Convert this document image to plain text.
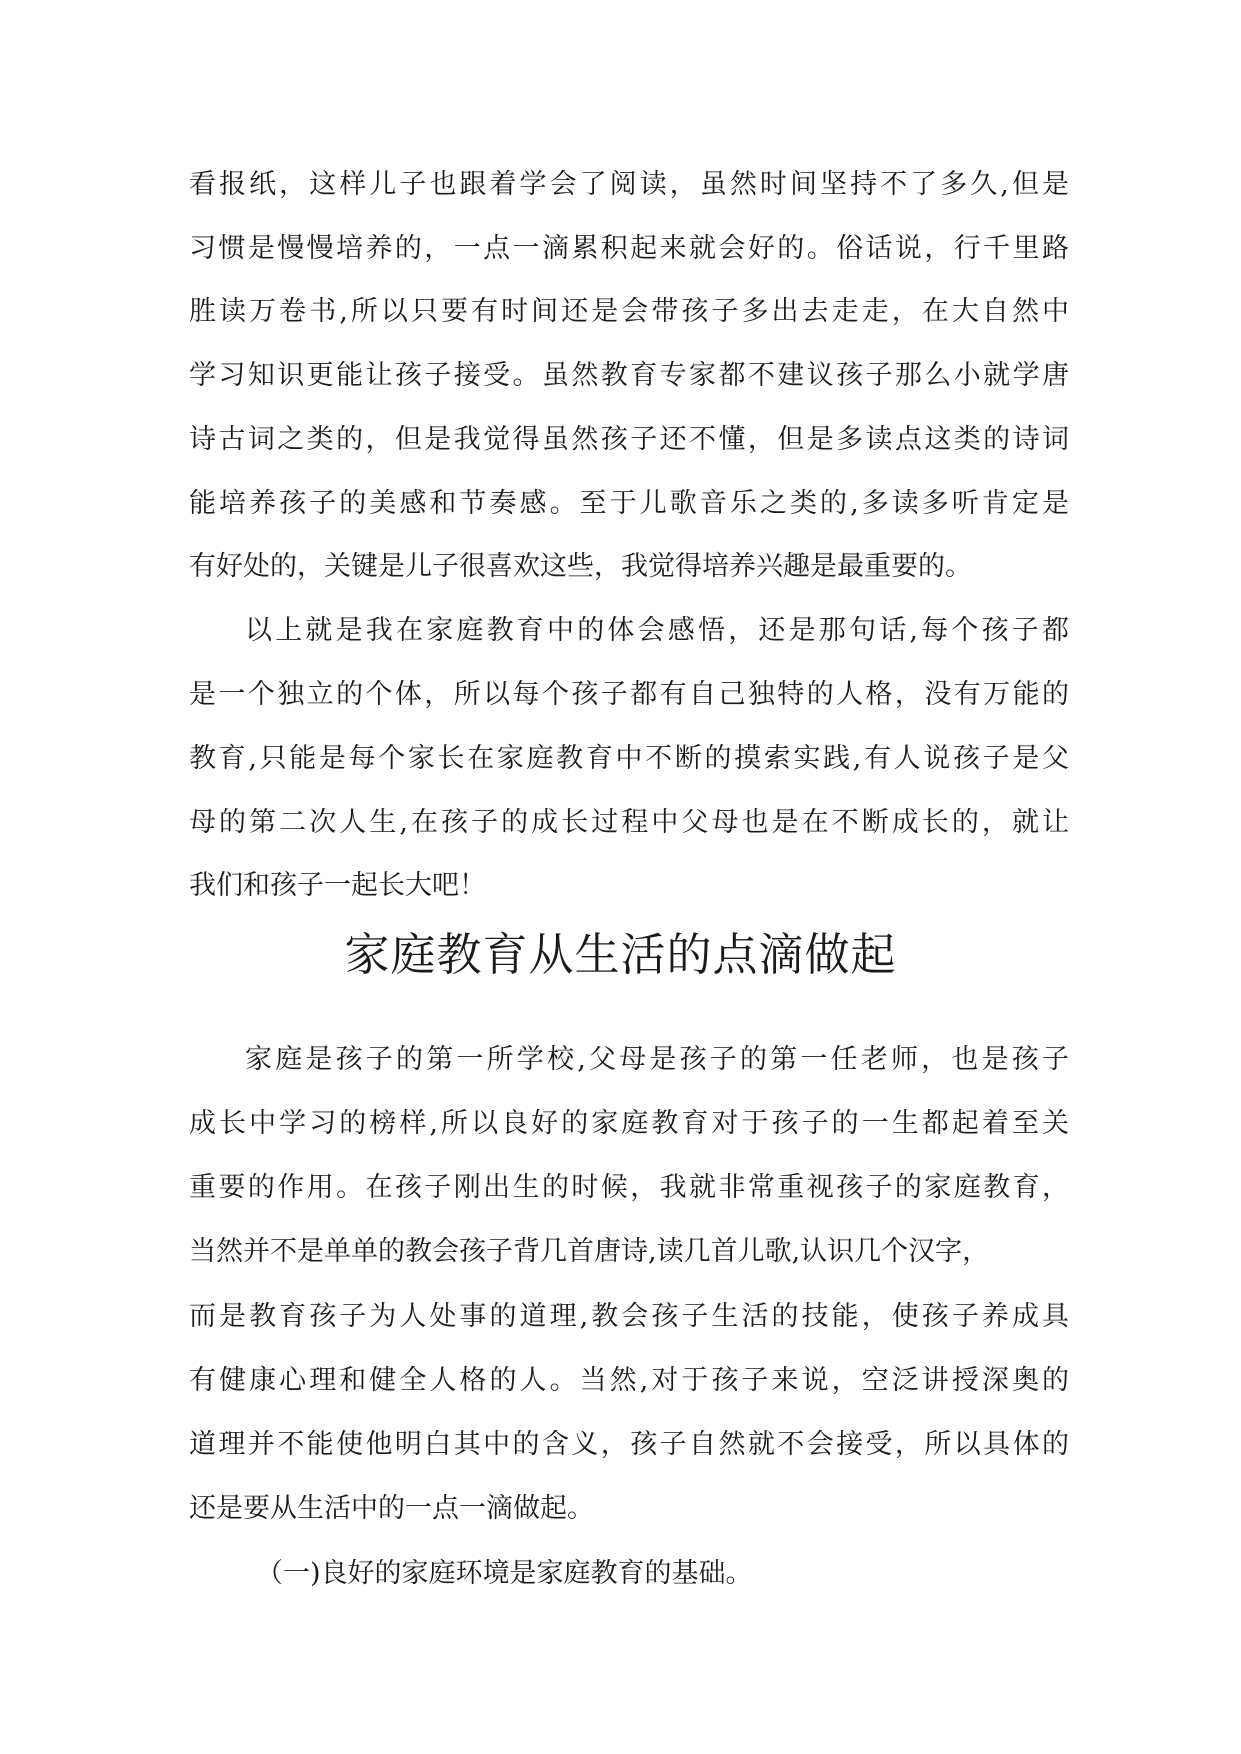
看报纸，这样儿子也跟着学会了阅读，虽然时间坚持不了多久,但是
习惯是慢慢培养的，一点一滴累积起来就会好的。俗话说，行千里路
胜读万卷书,所以只要有时间还是会带孩子多出去走走，在大自然中
学习知识更能让孩子接受。虽然教育专家都不建议孩子那么小就学唐
诗古词之类的，但是我觉得虽然孩子还不懂，但是多读点这类的诗词
能培养孩子的美感和节奏感。至于儿歌音乐之类的,多读多听肯定是
有好处的，关键是儿子很喜欢这些，我觉得培养兴趣是最重要的。
以上就是我在家庭教育中的体会感悟，还是那句话,每个孩子都
是一个独立的个体，所以每个孩子都有自己独特的人格，没有万能的
教育,只能是每个家长在家庭教育中不断的摸索实践,有人说孩子是父
母的第二次人生,在孩子的成长过程中父母也是在不断成长的，就让
我们和孩子一起长大吧！
家庭教育从生活的点滴做起
家庭是孩子的第一所学校,父母是孩子的第一任老师，也是孩子
成长中学习的榜样,所以良好的家庭教育对于孩子的一生都起着至关
重要的作用。在孩子刚出生的时候，我就非常重视孩子的家庭教育，
当然并不是单单的教会孩子背几首唐诗,读几首儿歌,认识几个汉字，
而是教育孩子为人处事的道理,教会孩子生活的技能，使孩子养成具
有健康心理和健全人格的人。当然,对于孩子来说，空泛讲授深奥的
道理并不能使他明白其中的含义，孩子自然就不会接受，所以具体的
还是要从生活中的一点一滴做起。
（一)良好的家庭环境是家庭教育的基础。
